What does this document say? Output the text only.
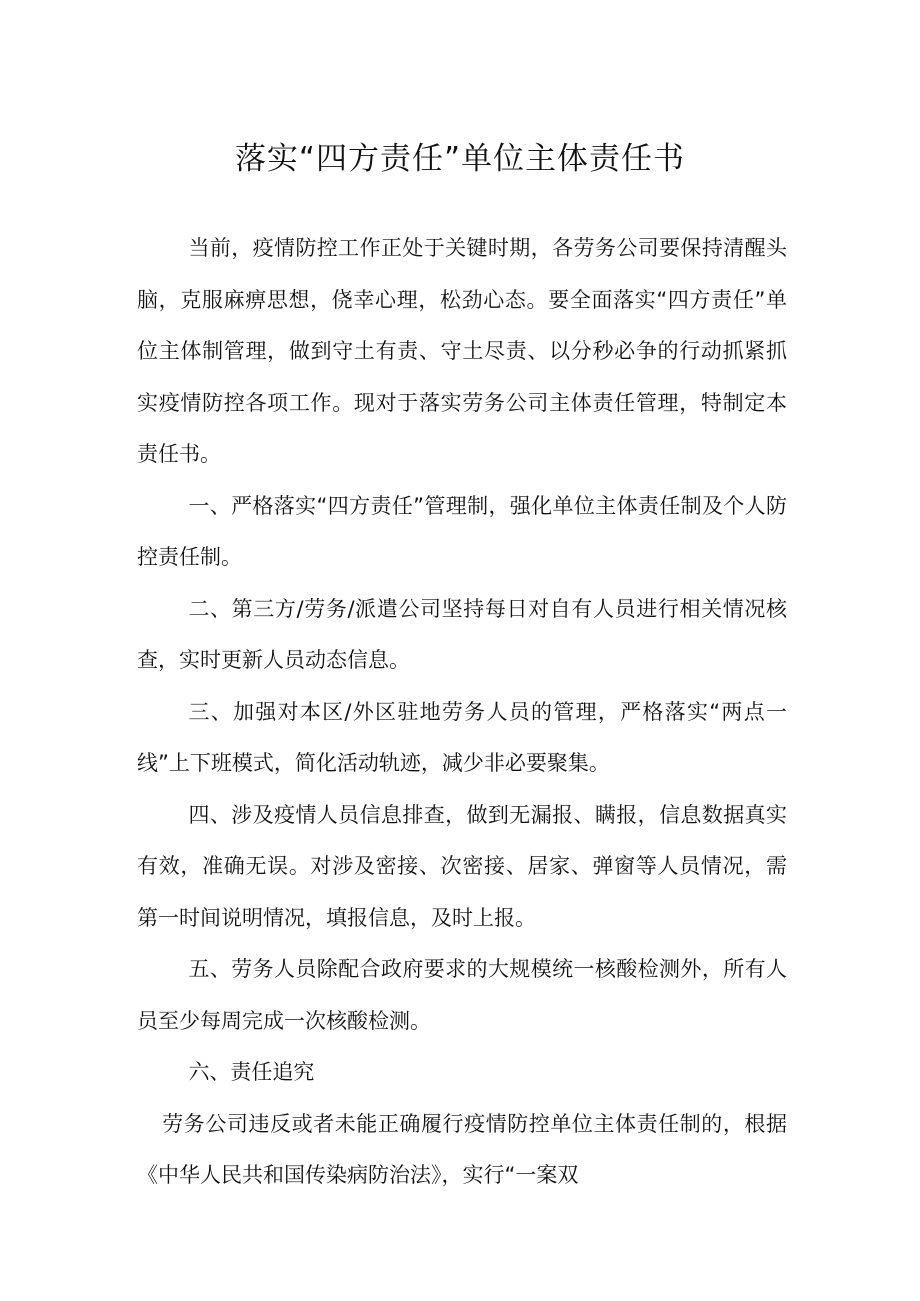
落实“四方责任”单位主体责任书

当前，疫情防控工作正处于关键时期，各劳务公司要保持清醒头脑，克服麻痹思想，侥幸心理，松劲心态。要全面落实“四方责任”单位主体制管理，做到守土有责、守土尽责、以分秒必争的行动抓紧抓实疫情防控各项工作。现对于落实劳务公司主体责任管理，特制定本责任书。

一、严格落实“四方责任”管理制，强化单位主体责任制及个人防控责任制。

二、第三方/劳务/派遣公司坚持每日对自有人员进行相关情况核查，实时更新人员动态信息。

三、加强对本区/外区驻地劳务人员的管理，严格落实“两点一线”上下班模式，简化活动轨迹，减少非必要聚集。

四、涉及疫情人员信息排查，做到无漏报、瞒报，信息数据真实有效，准确无误。对涉及密接、次密接、居家、弹窗等人员情况，需第一时间说明情况，填报信息，及时上报。

五、劳务人员除配合政府要求的大规模统一核酸检测外，所有人员至少每周完成一次核酸检测。

六、责任追究

劳务公司违反或者未能正确履行疫情防控单位主体责任制的，根据《中华人民共和国传染病防治法》，实行“一案双
